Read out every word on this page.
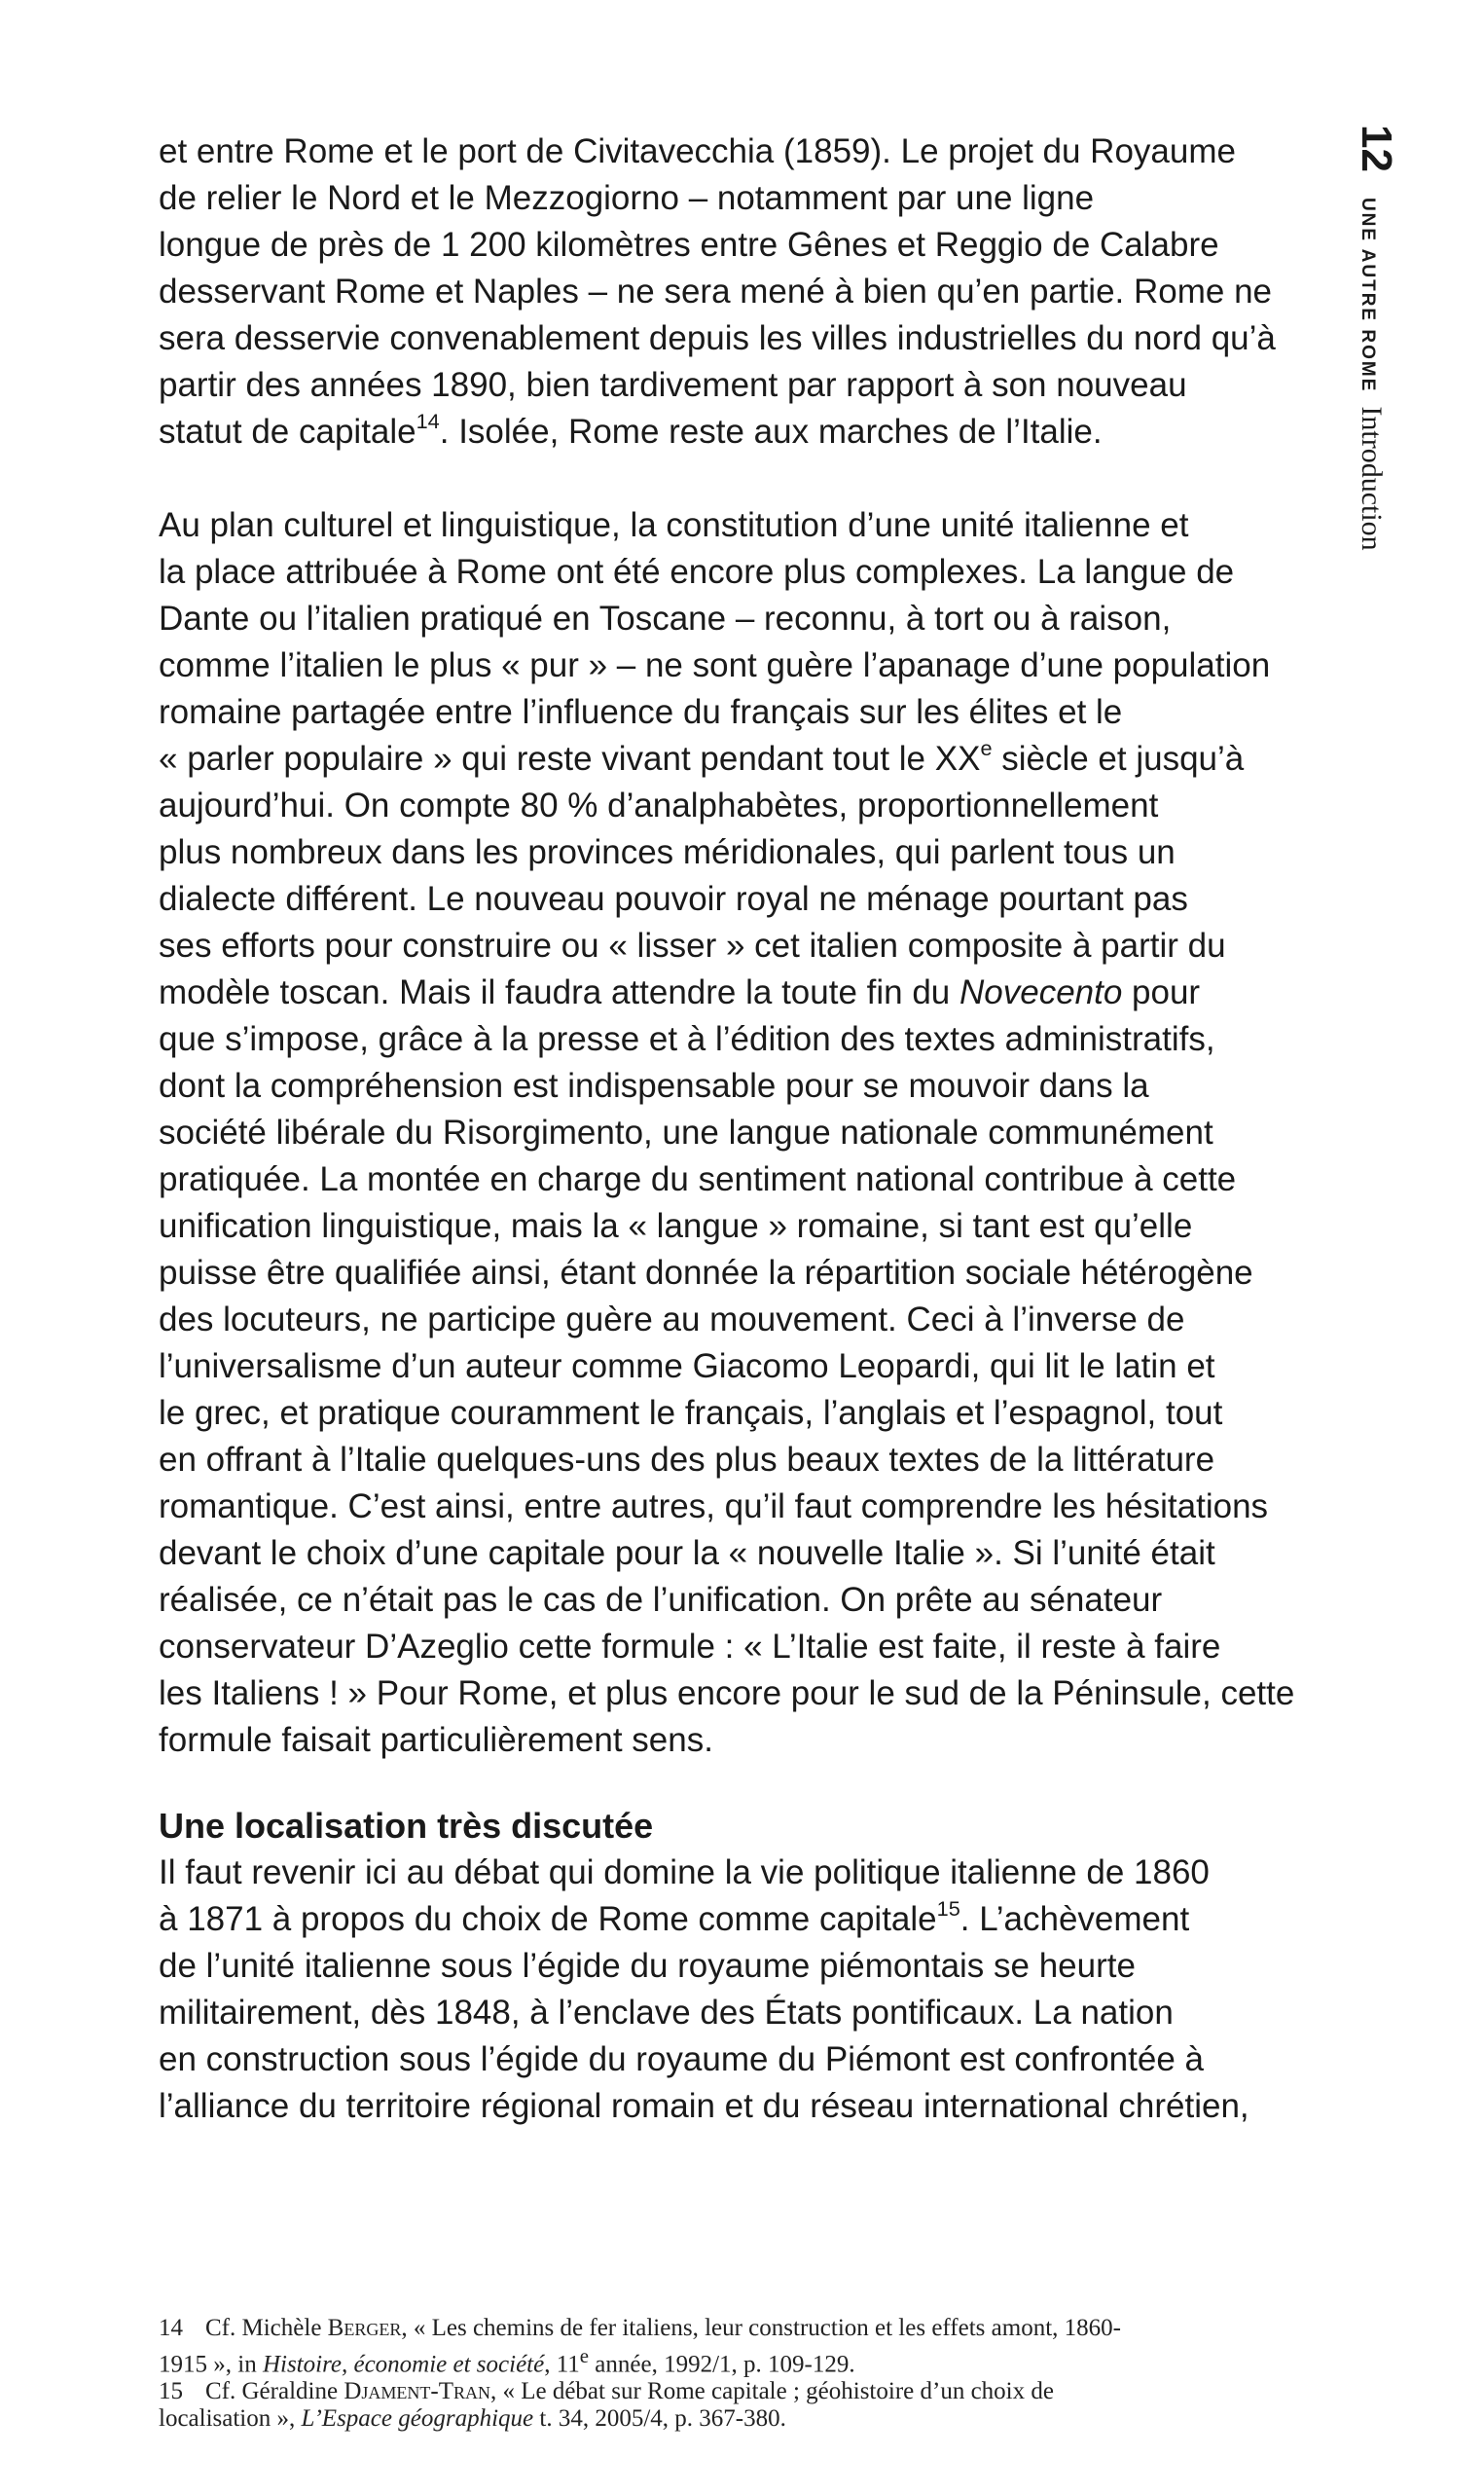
12UNE AUTRE ROMEIntroduction

et entre Rome et le port de Civitavecchia (1859). Le projet du Royaume
de relier le Nord et le Mezzogiorno – notamment par une ligne
longue de près de 1 200 kilomètres entre Gênes et Reggio de Calabre
desservant Rome et Naples – ne sera mené à bien qu’en partie. Rome ne
sera desservie convenablement depuis les villes industrielles du nord qu’à
partir des années 1890, bien tardivement par rapport à son nouveau
statut de capitale$^{14}$. Isolée, Rome reste aux marches de l’Italie.

Au plan culturel et linguistique, la constitution d’une unité italienne et
la place attribuée à Rome ont été encore plus complexes. La langue de
Dante ou l’italien pratiqué en Toscane – reconnu, à tort ou à raison,
comme l’italien le plus « pur » – ne sont guère l’apanage d’une population
romaine partagée entre l’influence du français sur les élites et le
« parler populaire » qui reste vivant pendant tout le XXe siècle et jusqu’à
aujourd’hui. On compte 80 % d’analphabètes, proportionnellement
plus nombreux dans les provinces méridionales, qui parlent tous un
dialecte différent. Le nouveau pouvoir royal ne ménage pourtant pas
ses efforts pour construire ou « lisser » cet italien composite à partir du
modèle toscan. Mais il faudra attendre la toute fin du Novecento pour
que s’impose, grâce à la presse et à l’édition des textes administratifs,
dont la compréhension est indispensable pour se mouvoir dans la
société libérale du Risorgimento, une langue nationale communément
pratiquée. La montée en charge du sentiment national contribue à cette
unification linguistique, mais la « langue » romaine, si tant est qu’elle
puisse être qualifiée ainsi, étant donnée la répartition sociale hétérogène
des locuteurs, ne participe guère au mouvement. Ceci à l’inverse de
l’universalisme d’un auteur comme Giacomo Leopardi, qui lit le latin et
le grec, et pratique couramment le français, l’anglais et l’espagnol, tout
en offrant à l’Italie quelques-uns des plus beaux textes de la littérature
romantique. C’est ainsi, entre autres, qu’il faut comprendre les hésitations
devant le choix d’une capitale pour la « nouvelle Italie ». Si l’unité était
réalisée, ce n’était pas le cas de l’unification. On prête au sénateur
conservateur D’Azeglio cette formule : « L’Italie est faite, il reste à faire
les Italiens ! » Pour Rome, et plus encore pour le sud de la Péninsule, cette
formule faisait particulièrement sens.

Une localisation très discutée
Il faut revenir ici au débat qui domine la vie politique italienne de 1860
à 1871 à propos du choix de Rome comme capitale$^{15}$. L’achèvement
de l’unité italienne sous l’égide du royaume piémontais se heurte
militairement, dès 1848, à l’enclave des États pontificaux. La nation
en construction sous l’égide du royaume du Piémont est confrontée à
l’alliance du territoire régional romain et du réseau international chrétien,
14 Cf. Michèle Berger, « Les chemins de fer italiens, leur construction et les effets amont, 1860-
1915 », in Histoire, économie et société, 11e année, 1992/1, p. 109-129.
15 Cf. Géraldine Djament-Tran, « Le débat sur Rome capitale ; géohistoire d’un choix de
localisation », L’Espace géographique t. 34, 2005/4, p. 367-380.
